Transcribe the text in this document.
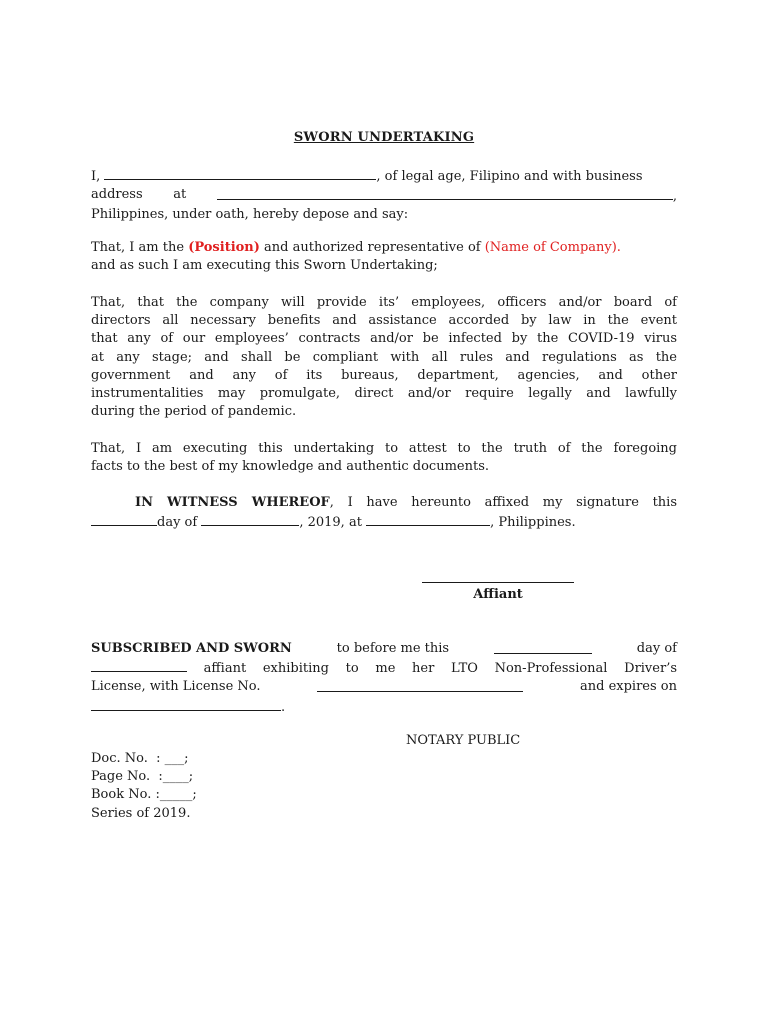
SWORN UNDERTAKING
I,	, of legal age, Filipino and with business
address at	,
Philippines, under oath, hereby depose and say:
That, I am the (Position) and authorized representative of (Name of Company).
and as such I am executing this Sworn Undertaking;
That, that the company will provide its’ employees, officers and/or board of
directors all necessary benefits and assistance accorded by law in the event
that any of our employees’ contracts and/or be infected by the COVID-19 virus
at any stage; and shall be compliant with all rules and regulations as the
government and any of its bureaus, department, agencies, and other
instrumentalities may promulgate, direct and/or require legally and lawfully
during the period of pandemic.
That, I am executing this undertaking to attest to the truth of the foregoing
facts to the best of my knowledge and authentic documents.
IN WITNESS WHEREOF, I have hereunto affixed my signature this
day of	, 2019, at	, Philippines.
Affiant
SUBSCRIBED AND SWORN	to before me this	day of
affiant exhibiting to me her LTO Non-Professional Driver’s
License, with License No.	and expires on
.
NOTARY PUBLIC
Doc. No.  : ___;
Page No.  :____;
Book No. :_____;
Series of 2019.
